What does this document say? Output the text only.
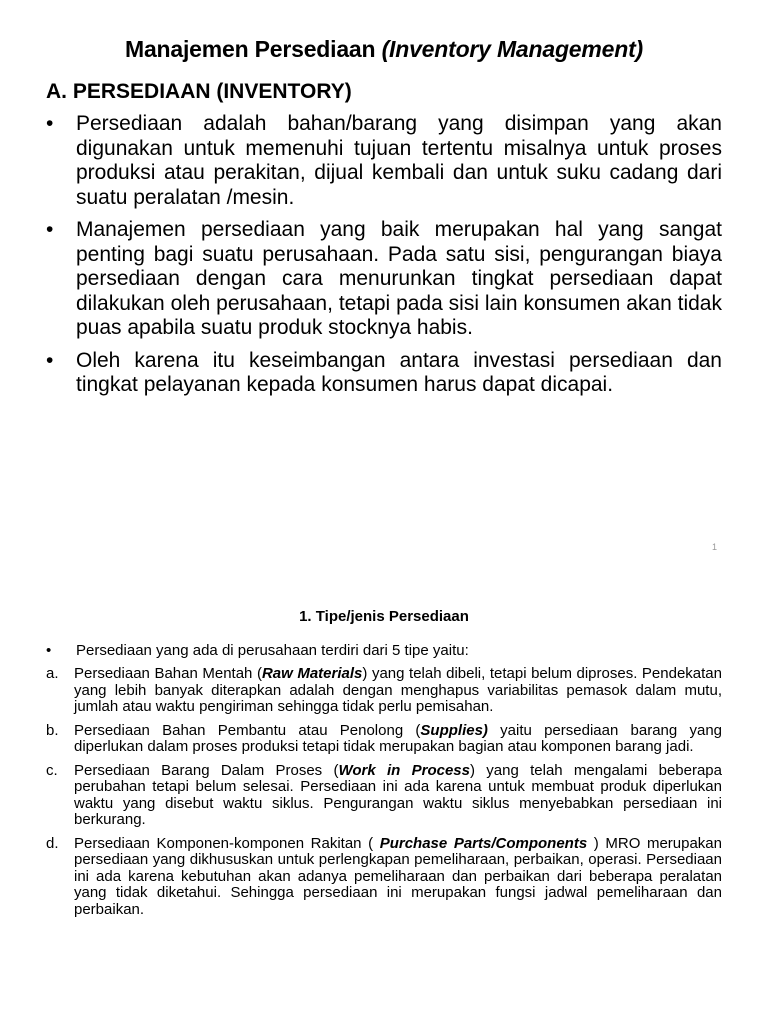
Manajemen Persediaan (Inventory Management)
A. PERSEDIAAN (INVENTORY)
• Persediaan adalah bahan/barang yang disimpan yang akan digunakan untuk memenuhi tujuan tertentu misalnya untuk proses produksi atau perakitan, dijual kembali dan untuk suku cadang dari suatu peralatan /mesin.
• Manajemen persediaan yang baik merupakan hal yang sangat penting bagi suatu perusahaan. Pada satu sisi, pengurangan biaya persediaan dengan cara menurunkan tingkat persediaan dapat dilakukan oleh perusahaan, tetapi pada sisi lain konsumen akan tidak puas apabila suatu produk stocknya habis.
• Oleh karena itu keseimbangan antara investasi persediaan dan tingkat pelayanan kepada konsumen harus dapat dicapai.
1
1. Tipe/jenis Persediaan
• Persediaan yang ada di perusahaan terdiri dari 5 tipe yaitu:
a. Persediaan Bahan Mentah (Raw Materials) yang telah dibeli, tetapi belum diproses. Pendekatan yang lebih banyak diterapkan adalah dengan menghapus variabilitas pemasok dalam mutu, jumlah atau waktu pengiriman sehingga tidak perlu pemisahan.
b. Persediaan Bahan Pembantu atau Penolong (Supplies) yaitu persediaan barang yang diperlukan dalam proses produksi tetapi tidak merupakan bagian atau komponen barang jadi.
c. Persediaan Barang Dalam Proses (Work in Process) yang telah mengalami beberapa perubahan tetapi belum selesai. Persediaan ini ada karena untuk membuat produk diperlukan waktu yang disebut waktu siklus. Pengurangan waktu siklus menyebabkan persediaan ini berkurang.
d. Persediaan Komponen-komponen Rakitan ( Purchase Parts/Components ) MRO merupakan persediaan yang dikhususkan untuk perlengkapan pemeliharaan, perbaikan, operasi. Persediaan ini ada karena kebutuhan akan adanya pemeliharaan dan perbaikan dari beberapa peralatan yang tidak diketahui. Sehingga persediaan ini merupakan fungsi jadwal pemeliharaan dan perbaikan.
